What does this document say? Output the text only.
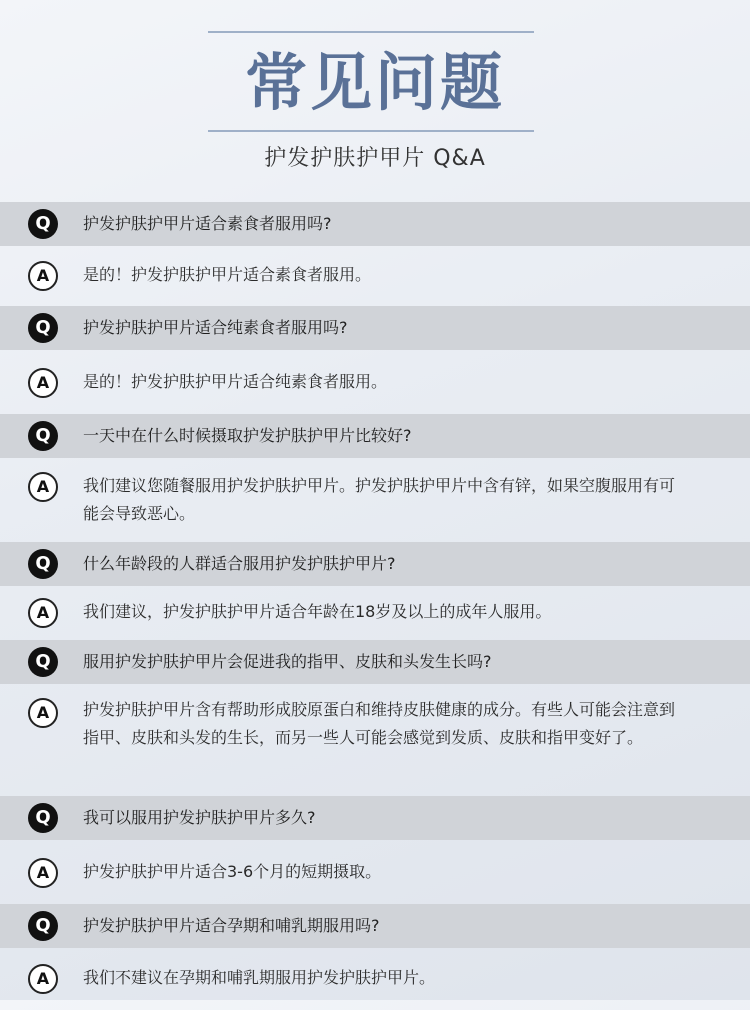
常见问题
护发护肤护甲片 Q&A
Q	护发护肤护甲片适合素食者服用吗?
A	是的！护发护肤护甲片适合素食者服用。
Q	护发护肤护甲片适合纯素食者服用吗?
A	是的！护发护肤护甲片适合纯素食者服用。
Q	一天中在什么时候摄取护发护肤护甲片比较好?
A	我们建议您随餐服用护发护肤护甲片。护发护肤护甲片中含有锌，如果空腹服用有可能会导致恶心。
Q	什么年龄段的人群适合服用护发护肤护甲片?
A	我们建议，护发护肤护甲片适合年龄在18岁及以上的成年人服用。
Q	服用护发护肤护甲片会促进我的指甲、皮肤和头发生长吗?
A	护发护肤护甲片含有帮助形成胶原蛋白和维持皮肤健康的成分。有些人可能会注意到指甲、皮肤和头发的生长，而另一些人可能会感觉到发质、皮肤和指甲变好了。
Q	我可以服用护发护肤护甲片多久?
A	护发护肤护甲片适合3-6个月的短期摄取。
Q	护发护肤护甲片适合孕期和哺乳期服用吗?
A	我们不建议在孕期和哺乳期服用护发护肤护甲片。
